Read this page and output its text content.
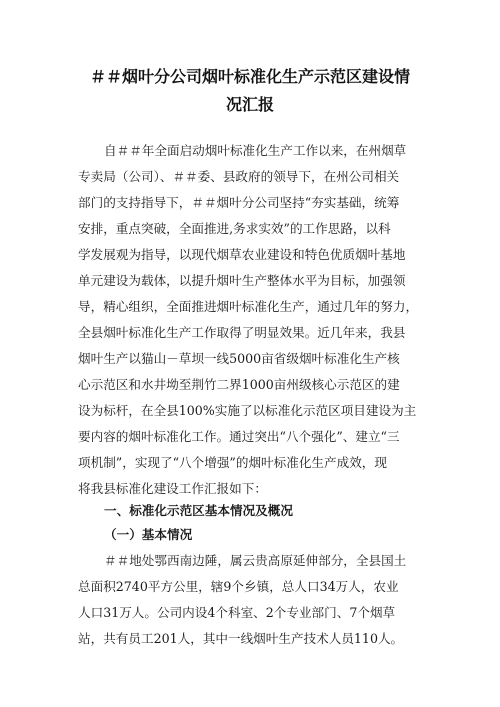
＃＃烟叶分公司烟叶标准化生产示范区建设情
况汇报
自＃＃年全面启动烟叶标准化生产工作以来，在州烟草
专卖局（公司）、＃＃委、县政府的领导下，在州公司相关
部门的支持指导下，＃＃烟叶分公司坚持“夯实基础，统筹
安排，重点突破，全面推进,务求实效”的工作思路，以科
学发展观为指导，以现代烟草农业建设和特色优质烟叶基地
单元建设为载体，以提升烟叶生产整体水平为目标，加强领
导，精心组织，全面推进烟叶标准化生产，通过几年的努力，
全县烟叶标准化生产工作取得了明显效果。近几年来，我县
烟叶生产以猫山－草坝一线5000亩省级烟叶标准化生产核
心示范区和水井坳至荆竹二界1000亩州级核心示范区的建
设为标杆，在全县100%实施了以标准化示范区项目建设为主
要内容的烟叶标准化工作。通过突出“八个强化”、建立“三
项机制”，实现了“八个增强”的烟叶标准化生产成效，现
将我县标准化建设工作汇报如下：
一、标准化示范区基本情况及概况
（一）基本情况
＃＃地处鄂西南边陲，属云贵高原延伸部分，全县国土
总面积2740平方公里，辖9个乡镇，总人口34万人，农业
人口31万人。公司内设4个科室、2个专业部门、7个烟草
站，共有员工201人，其中一线烟叶生产技术人员110人。
